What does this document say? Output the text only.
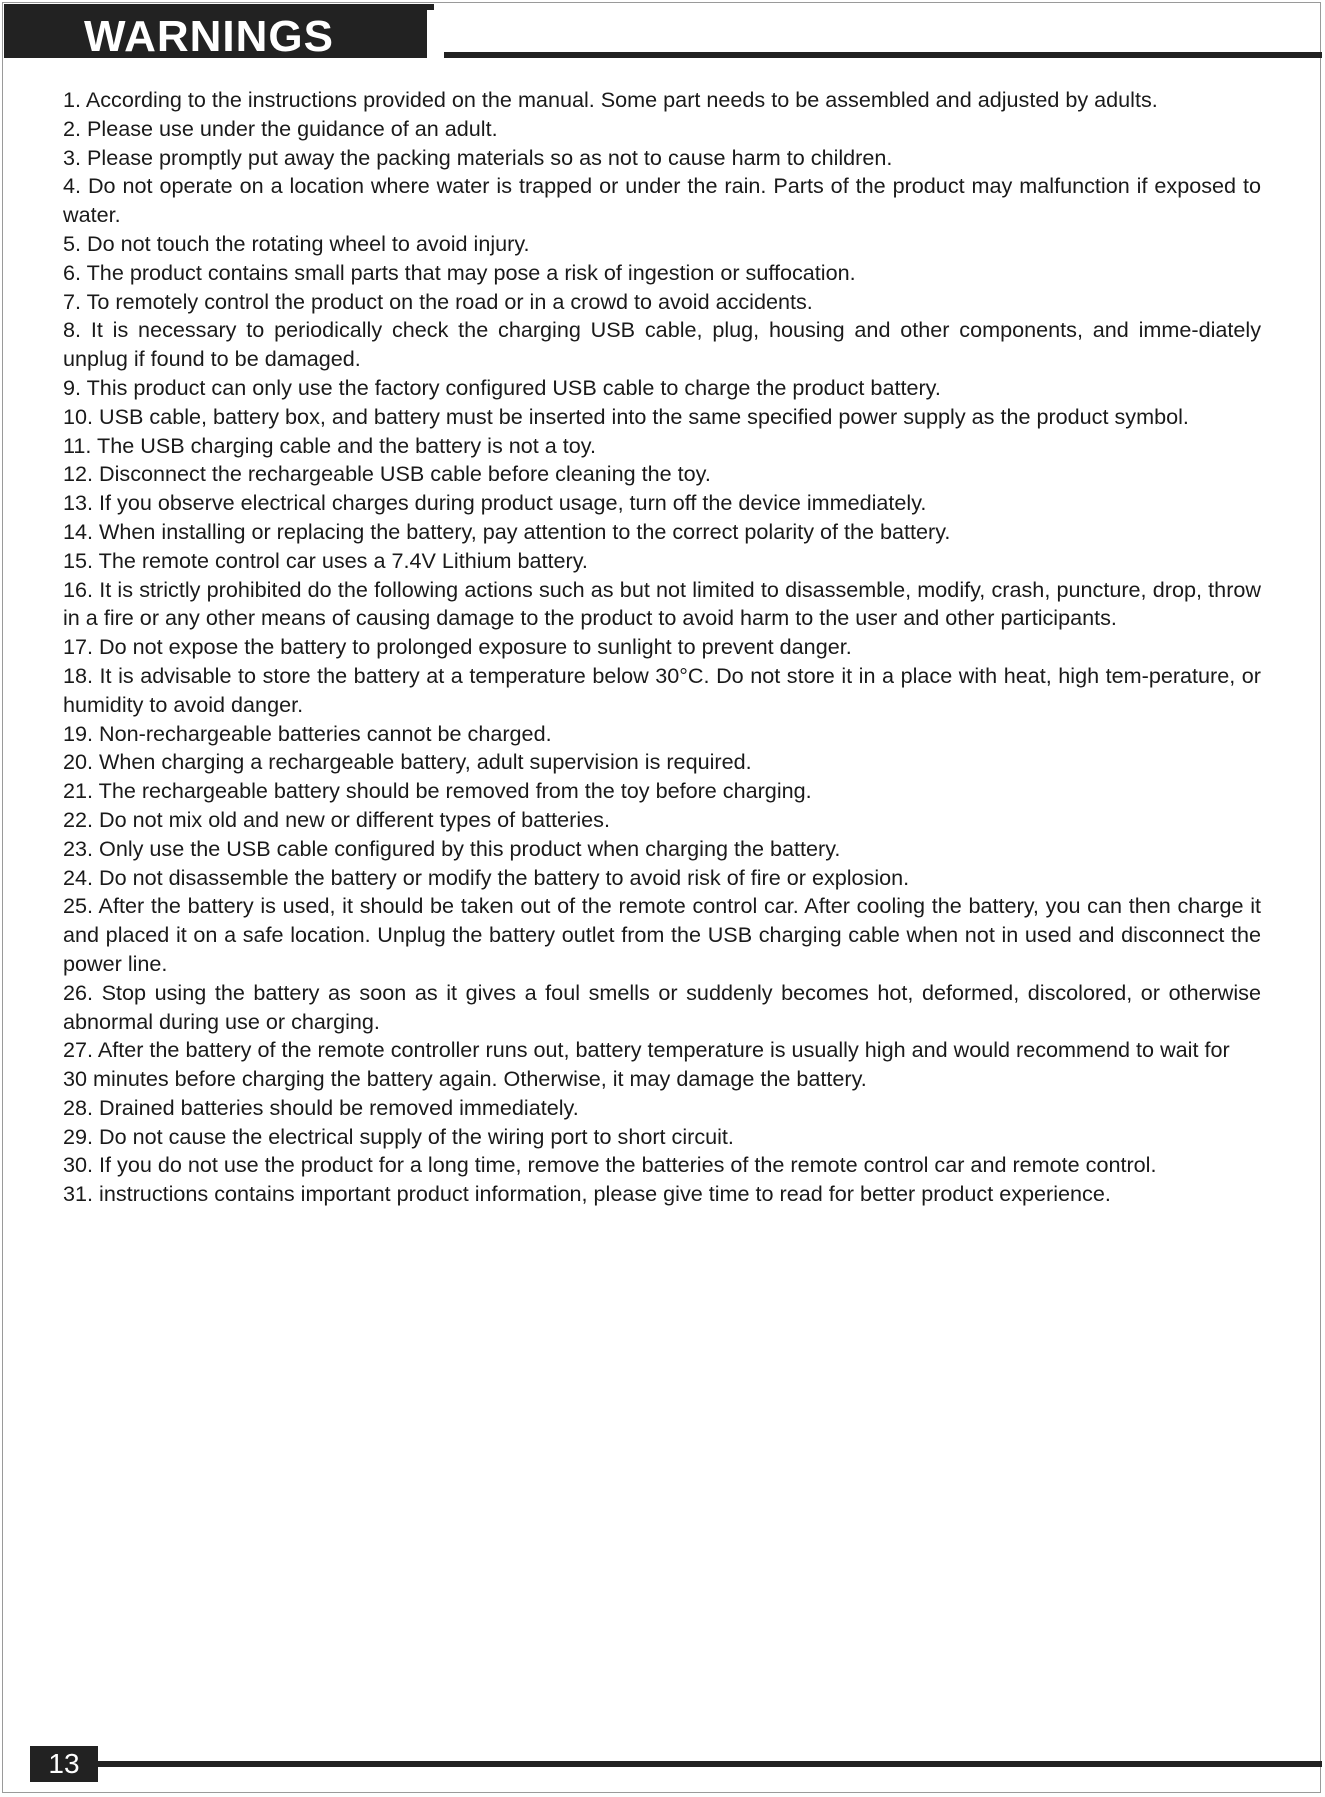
WARNINGS
1. According to the instructions provided on the manual. Some part needs to be assembled and adjusted by adults.
2. Please use under the guidance of an adult.
3. Please promptly put away the packing materials so as not to cause harm to children.
4. Do not operate on a location where water is trapped or under the rain. Parts of the product may malfunction if exposed to water.
5. Do not touch the rotating wheel to avoid injury.
6. The product contains small parts that may pose a risk of ingestion or suffocation.
7. To remotely control the product on the road or in a crowd to avoid accidents.
8. It is necessary to periodically check the charging USB cable, plug, housing and other components, and imme-diately unplug if found to be damaged.
9. This product can only use the factory configured USB cable to charge the product battery.
10. USB cable, battery box, and battery must be inserted into the same specified power supply as the product symbol.
11. The USB charging cable and the battery is not a toy.
12. Disconnect the rechargeable USB cable before cleaning the toy.
13. If you observe electrical charges during product usage, turn off the device immediately.
14. When installing or replacing the battery, pay attention to the correct polarity of the battery.
15. The remote control car uses a 7.4V Lithium battery.
16. It is strictly prohibited do the following actions such as but not limited to disassemble, modify, crash, puncture, drop, throw in a fire or any other means of causing damage to the product to avoid harm to the user and other participants.
17. Do not expose the battery to prolonged exposure to sunlight to prevent danger.
18. It is advisable to store the battery at a temperature below 30°C. Do not store it in a place with heat, high tem-perature, or humidity to avoid danger.
19. Non-rechargeable batteries cannot be charged.
20. When charging a rechargeable battery, adult supervision is required.
21. The rechargeable battery should be removed from the toy before charging.
22. Do not mix old and new or different types of batteries.
23. Only use the USB cable configured by this product when charging the battery.
24. Do not disassemble the battery or modify the battery to avoid risk of fire or explosion.
25. After the battery is used, it should be taken out of the remote control car. After cooling the battery, you can then charge it and placed it on a safe location. Unplug the battery outlet from the USB charging cable when not in used and disconnect the power line.
26. Stop using the battery as soon as it gives a foul smells or suddenly becomes hot, deformed, discolored, or otherwise abnormal during use or charging.
27. After the battery of the remote controller runs out, battery temperature is usually high and would recommend to wait for
30 minutes before charging the battery again. Otherwise, it may damage the battery.
28. Drained batteries should be removed immediately.
29. Do not cause the electrical supply of the wiring port to short circuit.
30. If you do not use the product for a long time, remove the batteries of the remote control car and remote control.
31. instructions contains important product information, please give time to read for better product experience.
13
